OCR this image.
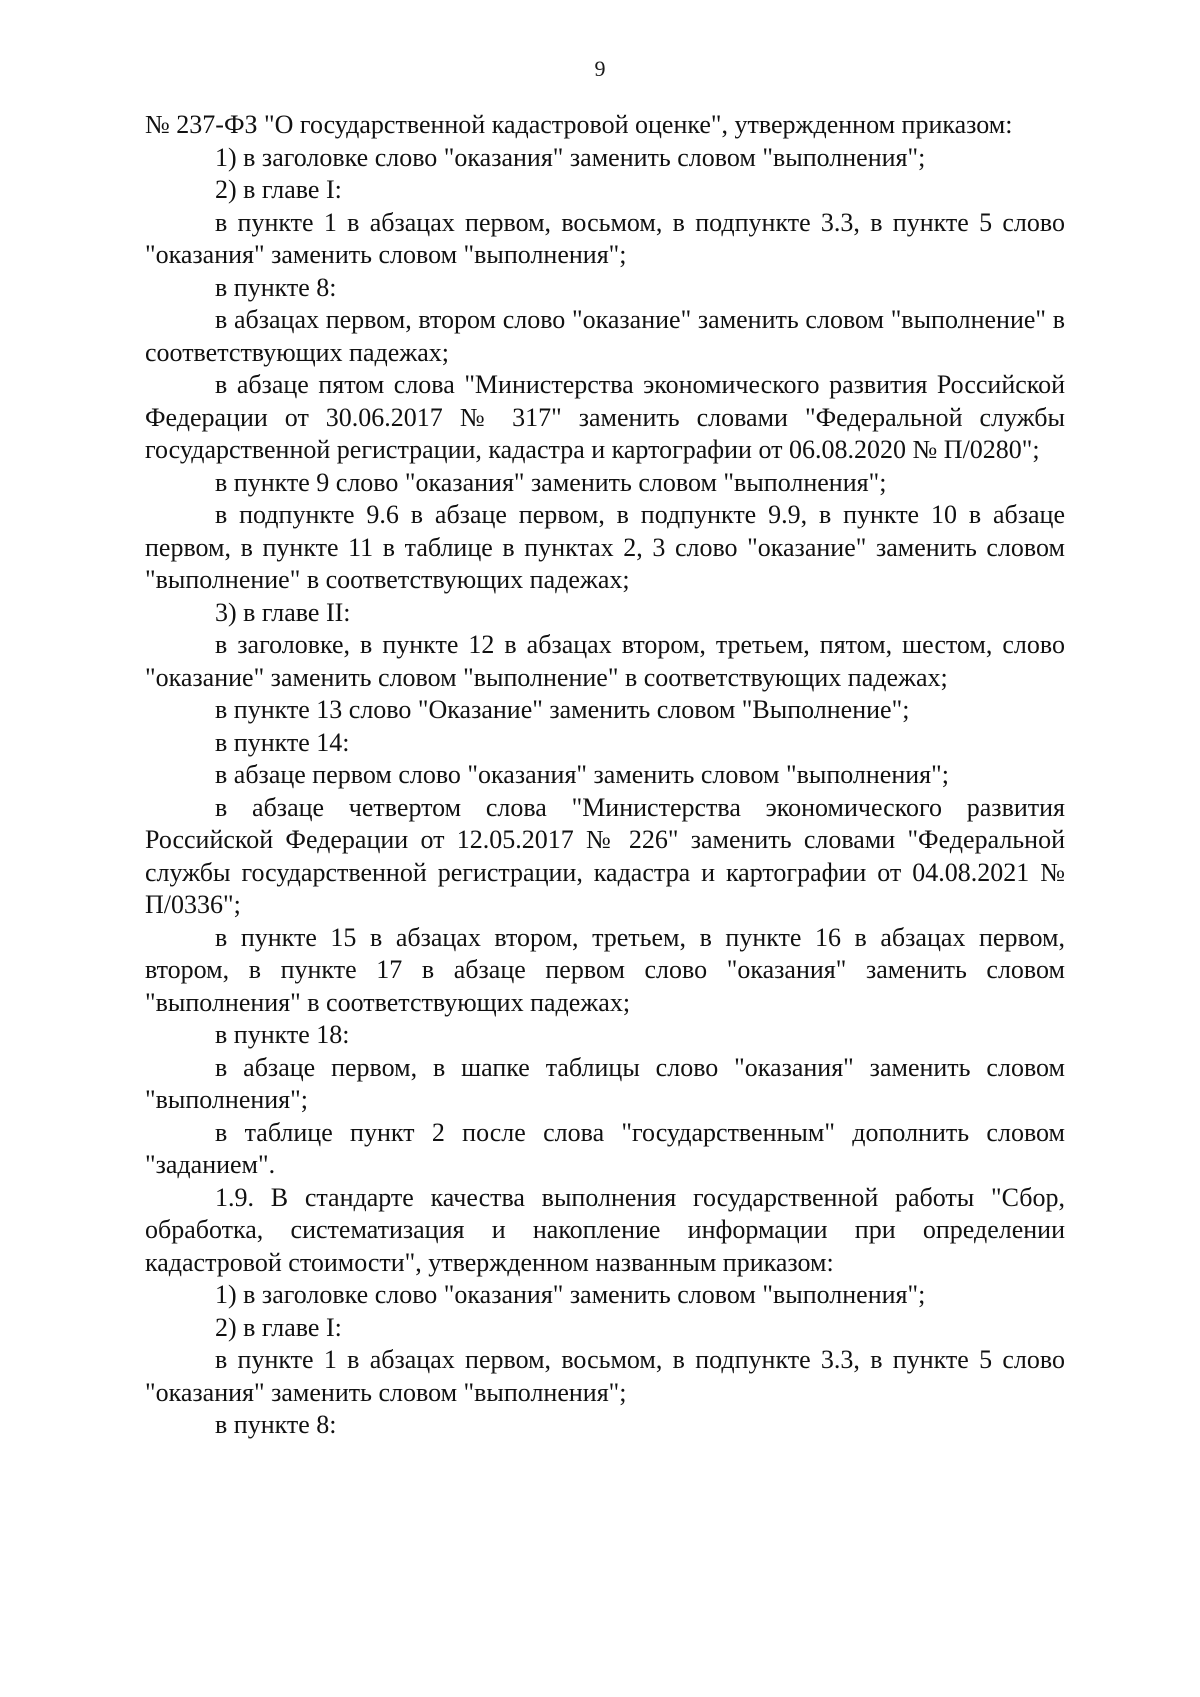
9

№ 237-ФЗ "О государственной кадастровой оценке", утвержденном приказом:

1) в заголовке слово "оказания" заменить словом "выполнения";

2) в главе I:

в пункте 1 в абзацах первом, восьмом, в подпункте 3.3, в пункте 5 слово "оказания" заменить словом "выполнения";

в пункте 8:

в абзацах первом, втором слово "оказание" заменить словом "выполнение" в соответствующих падежах;

в абзаце пятом слова "Министерства экономического развития Российской Федерации от 30.06.2017 № 317" заменить словами "Федеральной службы государственной регистрации, кадастра и картографии от 06.08.2020 № П/0280";

в пункте 9 слово "оказания" заменить словом "выполнения";

в подпункте 9.6 в абзаце первом, в подпункте 9.9, в пункте 10 в абзаце первом, в пункте 11 в таблице в пунктах 2, 3 слово "оказание" заменить словом "выполнение" в соответствующих падежах;

3) в главе II:

в заголовке, в пункте 12 в абзацах втором, третьем, пятом, шестом, слово "оказание" заменить словом "выполнение" в соответствующих падежах;

в пункте 13 слово "Оказание" заменить словом "Выполнение";

в пункте 14:

в абзаце первом слово "оказания" заменить словом "выполнения";

в абзаце четвертом слова "Министерства экономического развития Российской Федерации от 12.05.2017 № 226" заменить словами "Федеральной службы государственной регистрации, кадастра и картографии от 04.08.2021 № П/0336";

в пункте 15 в абзацах втором, третьем, в пункте 16 в абзацах первом, втором, в пункте 17 в абзаце первом слово "оказания" заменить словом "выполнения" в соответствующих падежах;

в пункте 18:

в абзаце первом, в шапке таблицы слово "оказания" заменить словом "выполнения";

в таблице пункт 2 после слова "государственным" дополнить словом "заданием".

1.9. В стандарте качества выполнения государственной работы "Сбор, обработка, систематизация и накопление информации при определении кадастровой стоимости", утвержденном названным приказом:

1) в заголовке слово "оказания" заменить словом "выполнения";

2) в главе I:

в пункте 1 в абзацах первом, восьмом, в подпункте 3.3, в пункте 5 слово "оказания" заменить словом "выполнения";

в пункте 8:
